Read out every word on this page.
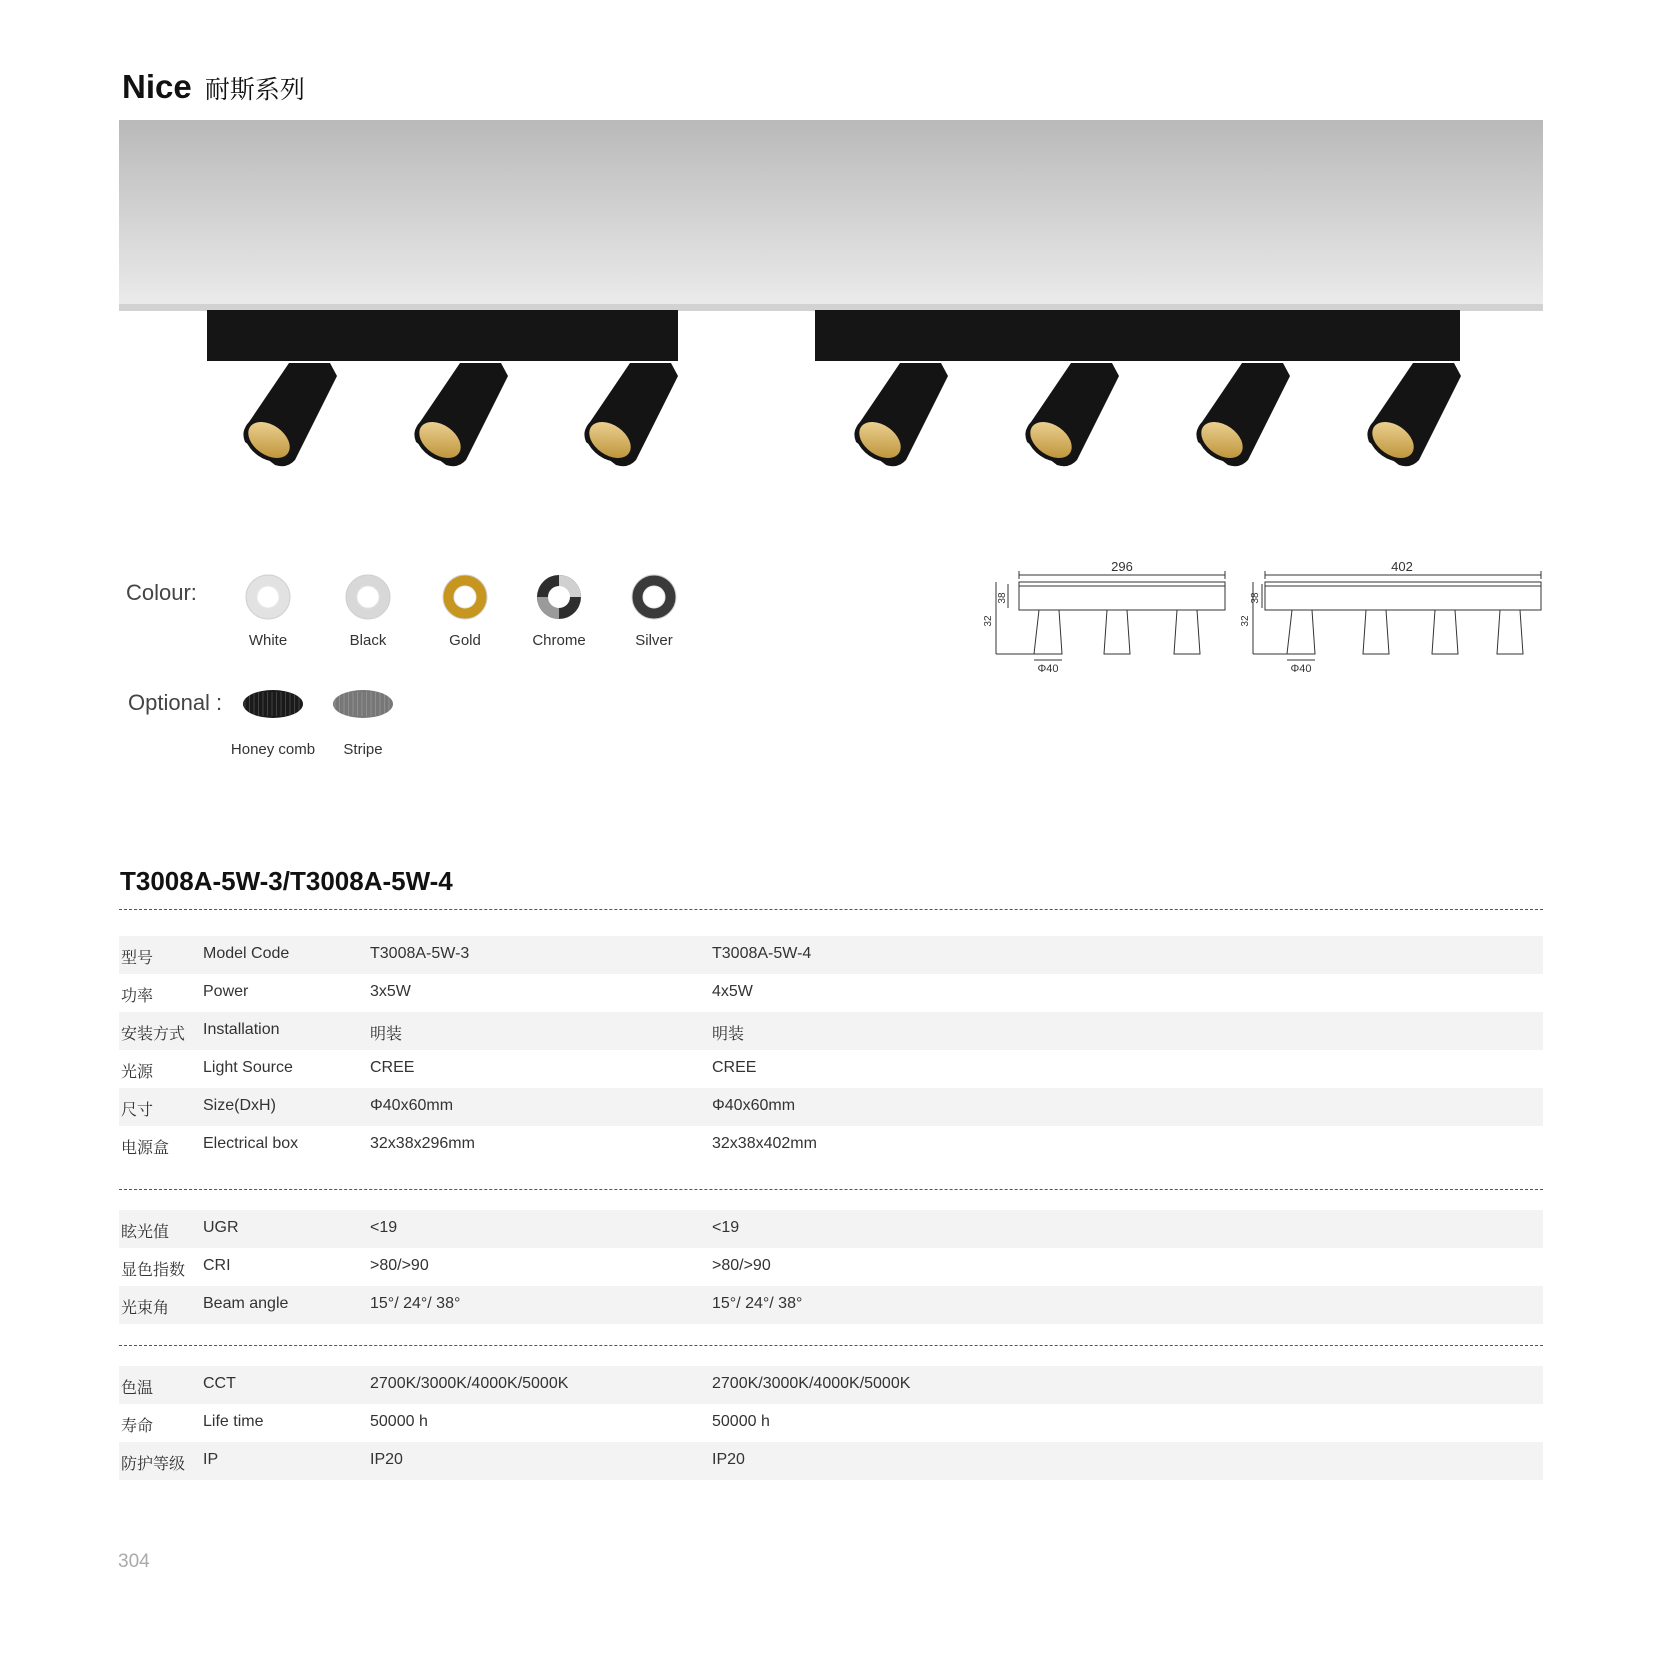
Nice 耐斯系列
Colour:
White	Black	Gold	Chrome	Silver
Optional :
Honey comb Stripe
296
32
38
Φ40
402
32
38
Φ40
T3008A-5W-3/T3008A-5W-4
型号	Model Code	T3008A-5W-3	T3008A-5W-4
功率	Power	3x5W	4x5W
安装方式 Installation	明装	明装
光源	Light Source	CREE	CREE
尺寸	Size(DxH)	Φ40x60mm	Φ40x60mm
电源盒 Electrical box	32x38x296mm	32x38x402mm
眩光值 UGR	<19	<19
显色指数 CRI	>80/>90	>80/>90
光束角 Beam angle	15°/ 24°/ 38°	15°/ 24°/ 38°
色温	CCT	2700K/3000K/4000K/5000K	2700K/3000K/4000K/5000K
寿命	Life time	50000 h	50000 h
防护等级 IP	IP20	IP20
304
